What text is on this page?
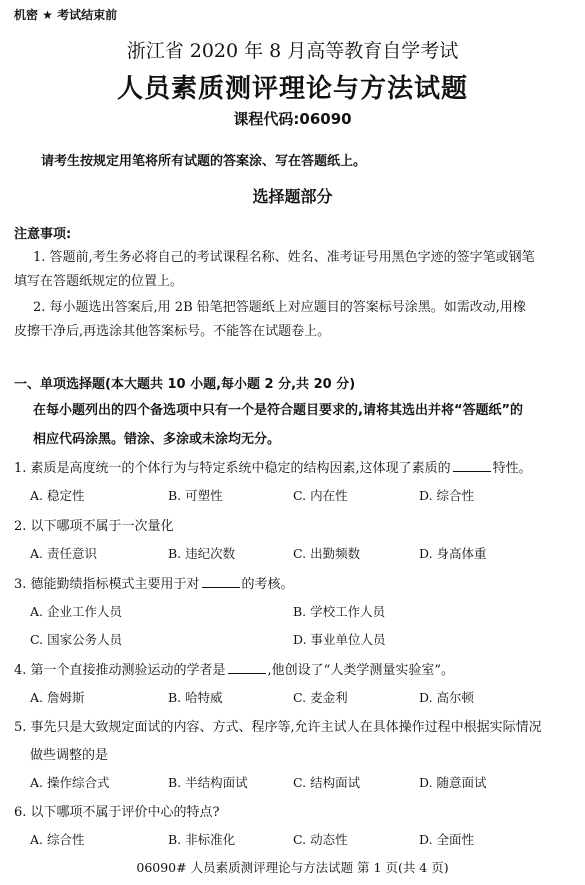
机密 ★ 考试结束前
浙江省 2020 年 8 月高等教育自学考试
人员素质测评理论与方法试题
课程代码:06090
请考生按规定用笔将所有试题的答案涂、写在答题纸上。
选择题部分
注意事项:
1. 答题前,考生务必将自己的考试课程名称、姓名、准考证号用黑色字迹的签字笔或钢笔
填写在答题纸规定的位置上。
2. 每小题选出答案后,用 2B 铅笔把答题纸上对应题目的答案标号涂黑。如需改动,用橡
皮擦干净后,再选涂其他答案标号。不能答在试题卷上。
一、单项选择题(本大题共 10 小题,每小题 2 分,共 20 分)
在每小题列出的四个备选项中只有一个是符合题目要求的,请将其选出并将“答题纸”的
相应代码涂黑。错涂、多涂或未涂均无分。
1. 素质是高度统一的个体行为与特定系统中稳定的结构因素,这体现了素质的	特性。
A. 稳定性	B. 可塑性	C. 内在性	D. 综合性
2. 以下哪项不属于一次量化
A. 责任意识	B. 违纪次数	C. 出勤频数	D. 身高体重
3. 德能勤绩指标模式主要用于对	的考核。
A. 企业工作人员	B. 学校工作人员
C. 国家公务人员	D. 事业单位人员
4. 第一个直接推动测验运动的学者是	,他创设了“人类学测量实验室”。
A. 詹姆斯	B. 哈特威	C. 麦金利	D. 高尔顿
5. 事先只是大致规定面试的内容、方式、程序等,允许主试人在具体操作过程中根据实际情况
做些调整的是
A. 操作综合式	B. 半结构面试	C. 结构面试	D. 随意面试
6. 以下哪项不属于评价中心的特点?
A. 综合性	B. 非标准化	C. 动态性	D. 全面性
06090# 人员素质测评理论与方法试题 第 1 页(共 4 页)
